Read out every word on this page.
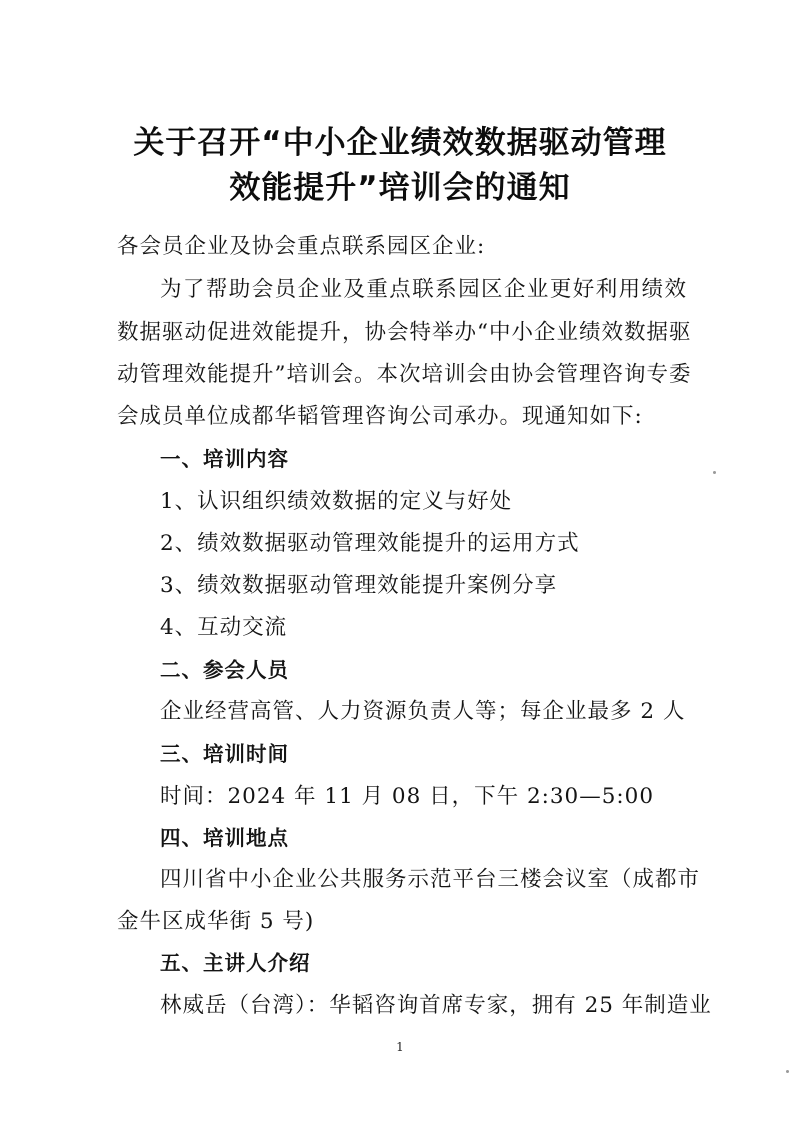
关于召开“中小企业绩效数据驱动管理
效能提升”培训会的通知
各会员企业及协会重点联系园区企业:
为了帮助会员企业及重点联系园区企业更好利用绩效
数据驱动促进效能提升，协会特举办“中小企业绩效数据驱
动管理效能提升”培训会。本次培训会由协会管理咨询专委
会成员单位成都华韬管理咨询公司承办。现通知如下:
一、培训内容
1、认识组织绩效数据的定义与好处
2、绩效数据驱动管理效能提升的运用方式
3、绩效数据驱动管理效能提升案例分享
4、互动交流
二、参会人员
企业经营高管、人力资源负责人等；每企业最多 2 人
三、培训时间
时间：2024 年 11 月 08 日，下午 2:30—5:00
四、培训地点
四川省中小企业公共服务示范平台三楼会议室（成都市
金牛区成华街 5 号)
五、主讲人介绍
林威岳（台湾）：华韬咨询首席专家，拥有 25 年制造业
1
